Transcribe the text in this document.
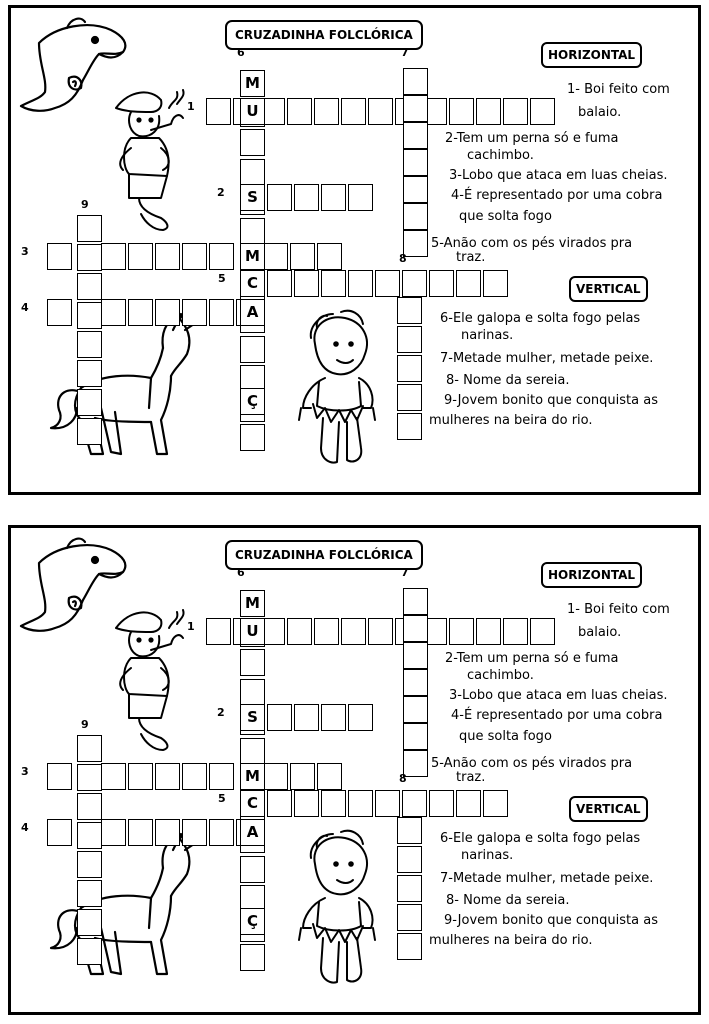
CRUZADINHA FOLCLÓRICA
HORIZONTAL
VERTICAL
M
U
S
M
C
A
Ç
6	7
1
2
9
3
5
8
4
1- Boi feito com
balaio.
2-Tem um perna só e fuma
cachimbo.
3-Lobo que ataca em luas cheias.
4-É representado por uma cobra
que solta fogo
5-Anão com os pés virados pra
traz.
6-Ele galopa e solta fogo pelas
narinas.
7-Metade mulher, metade peixe.
8- Nome da sereia.
9-Jovem bonito que conquista as
mulheres na beira do rio.
CRUZADINHA FOLCLÓRICA
HORIZONTAL
VERTICAL
M
U
S
M
C
A
Ç
6	7
1
2
9
3
5
8
4
1- Boi feito com
balaio.
2-Tem um perna só e fuma
cachimbo.
3-Lobo que ataca em luas cheias.
4-É representado por uma cobra
que solta fogo
5-Anão com os pés virados pra
traz.
6-Ele galopa e solta fogo pelas
narinas.
7-Metade mulher, metade peixe.
8- Nome da sereia.
9-Jovem bonito que conquista as
mulheres na beira do rio.
